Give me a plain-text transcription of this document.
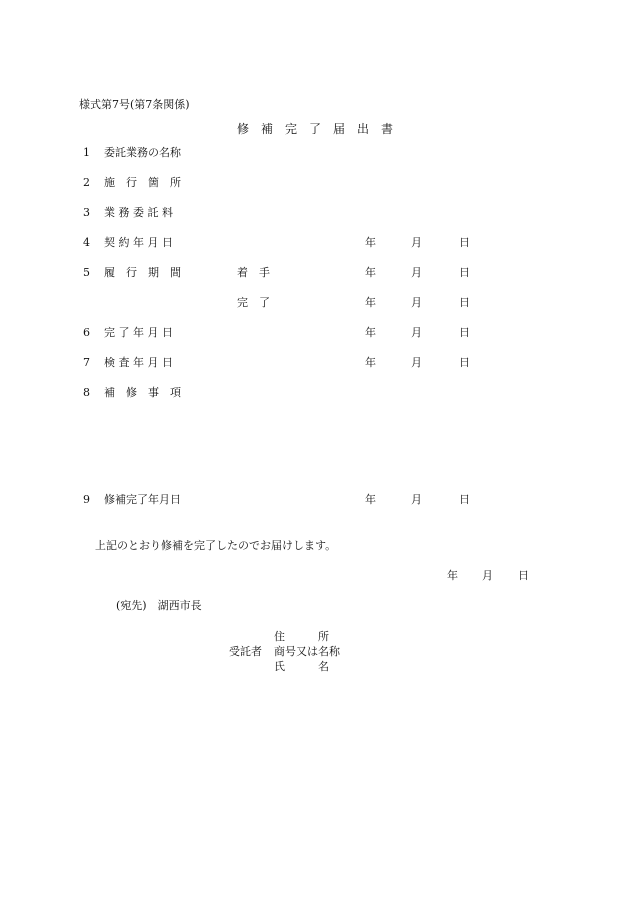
様式第7号(第7条関係)
修　補　完　了　届　出　書
1 委託業務の名称
2 施　行　箇　所
3 業 務 委 託 料
4 契 約 年 月 日	年	月	日
5 履　行　期　間	着　手	年	月	日
完　了	年	月	日
6 完 了 年 月 日	年	月	日
7 検 査 年 月 日	年	月	日
8 補　修　事　項
9 修補完了年月日	年	月	日
上記のとおり修補を完了したのでお届けします。
年 月 日
(宛先)　湖西市長
住　　　所
受託者 商号又は名称
氏　　　名
